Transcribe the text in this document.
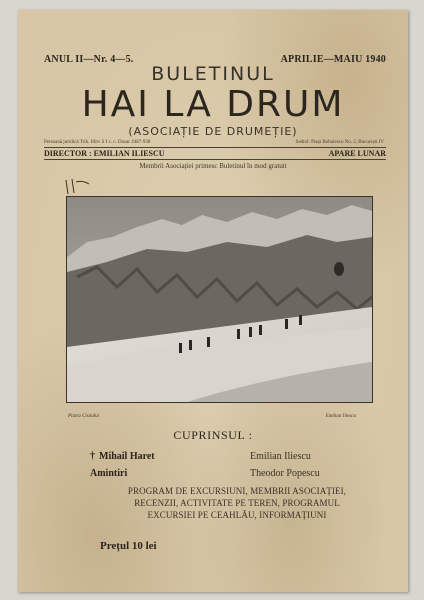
ANUL II—Nr. 4—5.	APRILIE—MAIU 1940
BULETINUL
HAI LA DRUM
(ASOCIAȚIE DE DRUMEȚIE)
Persoană juridică Trib. Ilfov S I c. c. Dosar 4487-938	Sediul: Piața Bobulescu No. 2, București IV
DIRECTOR : EMILIAN ILIESCU	APARE LUNAR
Membrii Asociației primesc Buletinul în mod gratuit
Piatra Craiului	Emilian Iliescu
CUPRINSUL :
† Mihail Haret	Emilian Iliescu
Amintiri	Theodor Popescu
PROGRAM DE EXCURSIUNI, MEMBRII ASOCIAȚIEI,
RECENZII, ACTIVITATE PE TEREN, PROGRAMUL
EXCURSIEI PE CEAHLĂU, INFORMAȚIUNI
Prețul 10 lei
